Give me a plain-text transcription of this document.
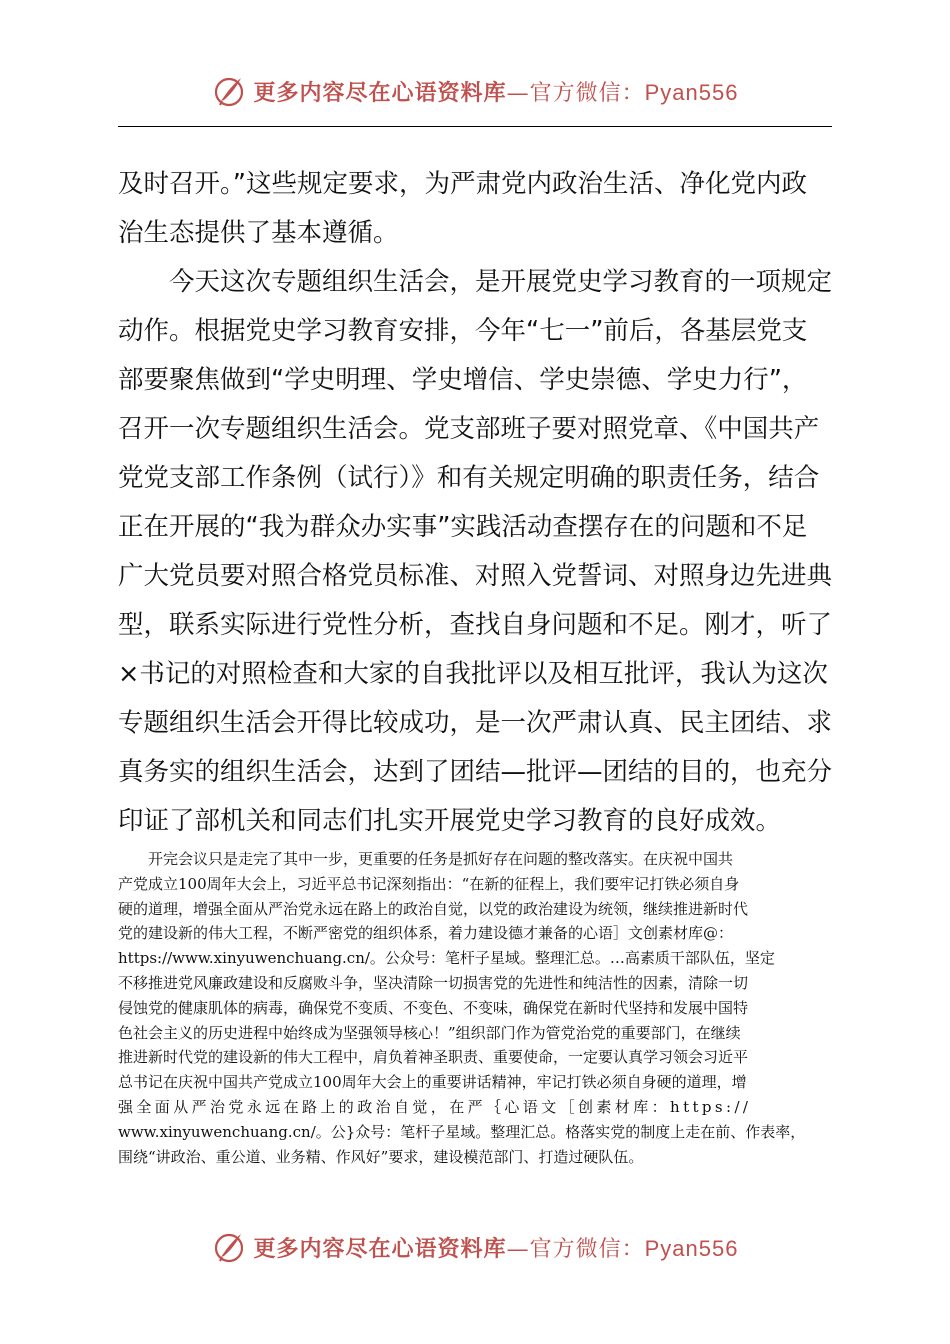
更多内容尽在心语资料库—官方微信：Pyan556

及时召开。”这些规定要求，为严肃党内政治生活、净化党内政
治生态提供了基本遵循。

今天这次专题组织生活会，是开展党史学习教育的一项规定
动作。根据党史学习教育安排，今年“七一”前后，各基层党支
部要聚焦做到“学史明理、学史增信、学史崇德、学史力行”，
召开一次专题组织生活会。党支部班子要对照党章、《中国共产
党党支部工作条例（试行）》和有关规定明确的职责任务，结合
正在开展的“我为群众办实事”实践活动查摆存在的问题和不足
广大党员要对照合格党员标准、对照入党誓词、对照身边先进典
型，联系实际进行党性分析，查找自身问题和不足。刚才，听了
×书记的对照检查和大家的自我批评以及相互批评，我认为这次
专题组织生活会开得比较成功，是一次严肃认真、民主团结、求
真务实的组织生活会，达到了团结—批评—团结的目的，也充分
印证了部机关和同志们扎实开展党史学习教育的良好成效。

开完会议只是走完了其中一步，更重要的任务是抓好存在问题的整改落实。在庆祝中国共
产党成立100周年大会上，习近平总书记深刻指出：“在新的征程上，我们要牢记打铁必须自身
硬的道理，增强全面从严治党永远在路上的政治自觉，以党的政治建设为统领，继续推进新时代
党的建设新的伟大工程，不断严密党的组织体系，着力建设德才兼备的心语］文创素材库@：
https://www.xinyuwenchuang.cn/。公众号：笔杆子星域。整理汇总。…高素质干部队伍，坚定
不移推进党风廉政建设和反腐败斗争，坚决清除一切损害党的先进性和纯洁性的因素，清除一切
侵蚀党的健康肌体的病毒，确保党不变质、不变色、不变味，确保党在新时代坚持和发展中国特
色社会主义的历史进程中始终成为坚强领导核心！”组织部门作为管党治党的重要部门，在继续
推进新时代党的建设新的伟大工程中，肩负着神圣职责、重要使命，一定要认真学习领会习近平
总书记在庆祝中国共产党成立100周年大会上的重要讲话精神，牢记打铁必须自身硬的道理，增
强全面从严治党永远在路上的政治自觉，在严｛心语文［创素材库：https://
www.xinyuwenchuang.cn/。公}众号：笔杆子星域。整理汇总。格落实党的制度上走在前、作表率，
围绕“讲政治、重公道、业务精、作风好”要求，建设模范部门、打造过硬队伍。
更多内容尽在心语资料库—官方微信：Pyan556
